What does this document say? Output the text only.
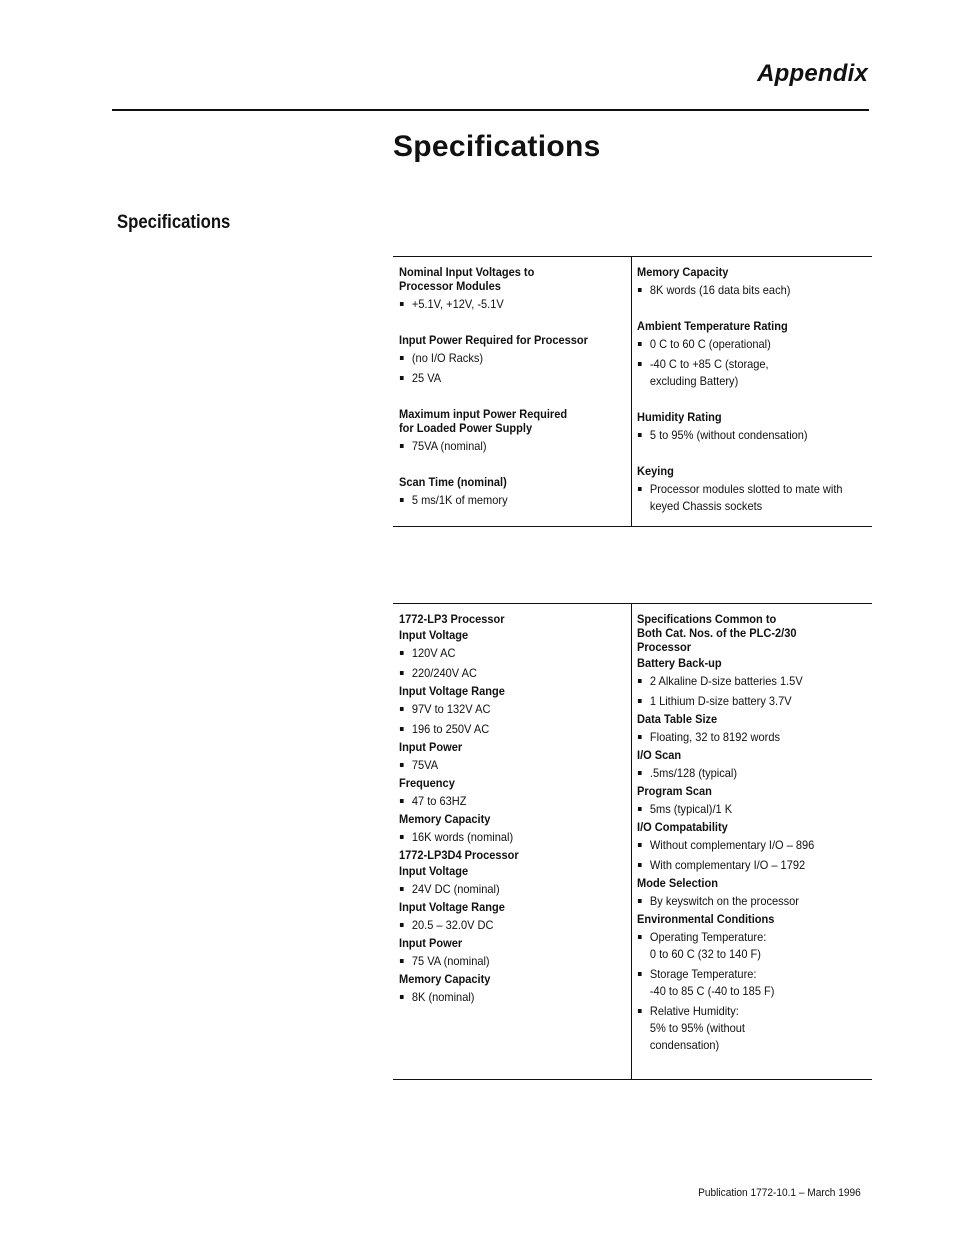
Appendix
Specifications
Specifications
Nominal Input Voltages to
Processor Modules
+5.1V, +12V, -5.1V
Input Power Required for Processor
(no I/O Racks)
25 VA
Maximum input Power Required
for Loaded Power Supply
75VA (nominal)
Scan Time (nominal)
5 ms/1K of memory
Memory Capacity
8K words (16 data bits each)
Ambient Temperature Rating
0 C to 60 C (operational)
-40 C to +85 C (storage,
excluding Battery)
Humidity Rating
5 to 95% (without condensation)
Keying
Processor modules slotted to mate with
keyed Chassis sockets
1772-LP3 Processor
Input Voltage
120V AC
220/240V AC
Input Voltage Range
97V to 132V AC
196 to 250V AC
Input Power
75VA
Frequency
47 to 63HZ
Memory Capacity
16K words (nominal)
1772-LP3D4 Processor
Input Voltage
24V DC (nominal)
Input Voltage Range
20.5 – 32.0V DC
Input Power
75 VA (nominal)
Memory Capacity
8K (nominal)
Specifications Common to
Both Cat. Nos. of the PLC-2/30
Processor
Battery Back-up
2 Alkaline D-size batteries 1.5V
1 Lithium D-size battery 3.7V
Data Table Size
Floating, 32 to 8192 words
I/O Scan
.5ms/128 (typical)
Program Scan
5ms (typical)/1 K
I/O Compatability
Without complementary I/O – 896
With complementary I/O – 1792
Mode Selection
By keyswitch on the processor
Environmental Conditions
Operating Temperature:
0 to 60 C (32 to 140 F)
Storage Temperature:
-40 to 85 C (-40 to 185 F)
Relative Humidity:
5% to 95% (without
condensation)
Publication 1772-10.1 – March 1996
